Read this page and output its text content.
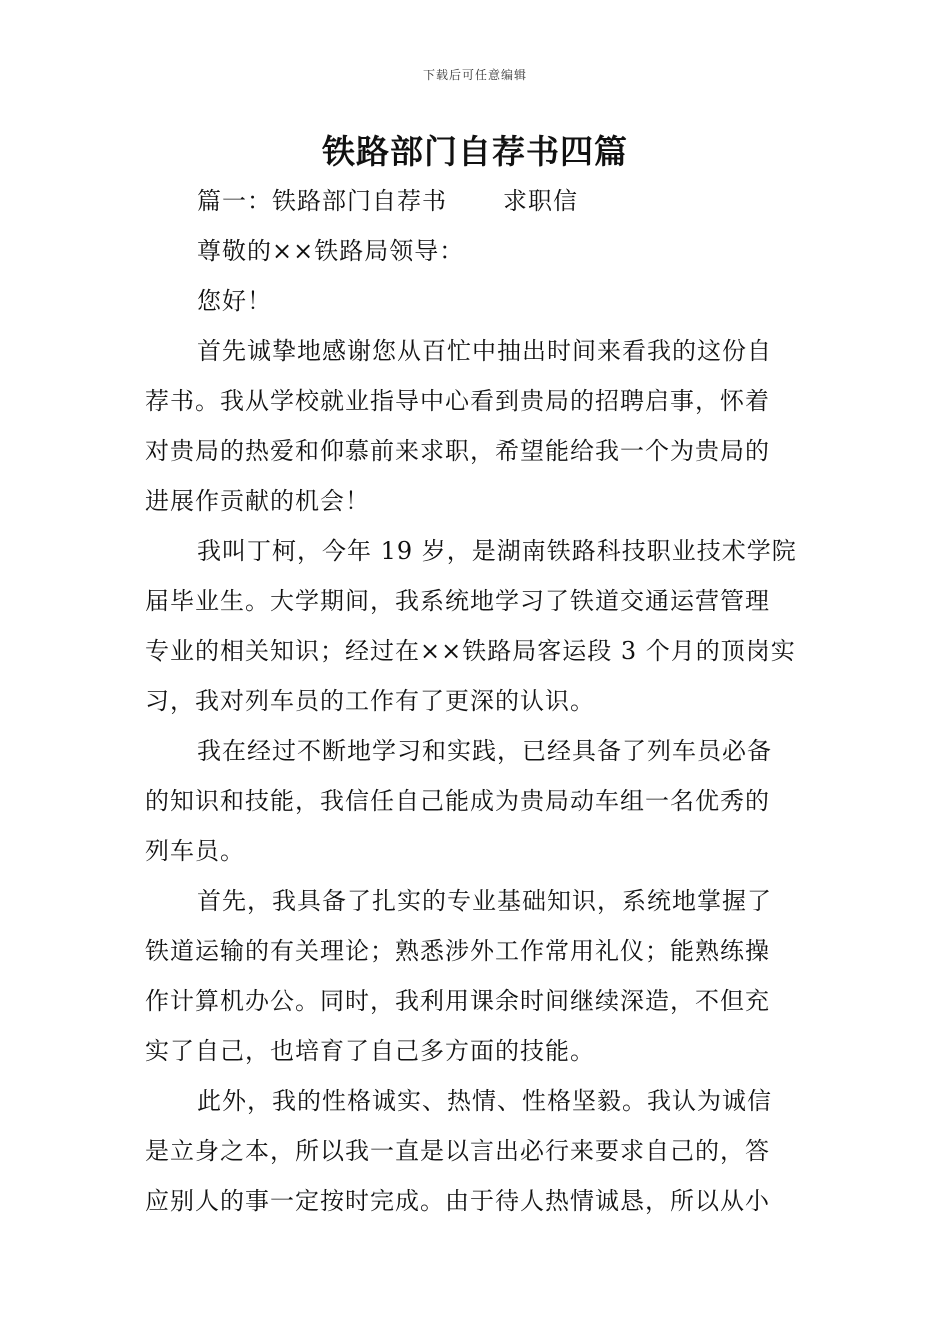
下载后可任意编辑
铁路部门自荐书四篇
篇一：铁路部门自荐书 求职信
尊敬的××铁路局领导：
您好！
首先诚挚地感谢您从百忙中抽出时间来看我的这份自
荐书。我从学校就业指导中心看到贵局的招聘启事，怀着
对贵局的热爱和仰慕前来求职，希望能给我一个为贵局的
进展作贡献的机会！
我叫丁柯，今年 19 岁，是湖南铁路科技职业技术学院
届毕业生。大学期间，我系统地学习了铁道交通运营管理
专业的相关知识；经过在××铁路局客运段 3 个月的顶岗实
习，我对列车员的工作有了更深的认识。
我在经过不断地学习和实践，已经具备了列车员必备
的知识和技能，我信任自己能成为贵局动车组一名优秀的
列车员。
首先，我具备了扎实的专业基础知识，系统地掌握了
铁道运输的有关理论；熟悉涉外工作常用礼仪；能熟练操
作计算机办公。同时，我利用课余时间继续深造，不但充
实了自己，也培育了自己多方面的技能。
此外，我的性格诚实、热情、性格坚毅。我认为诚信
是立身之本，所以我一直是以言出必行来要求自己的，答
应别人的事一定按时完成。由于待人热情诚恳，所以从小
